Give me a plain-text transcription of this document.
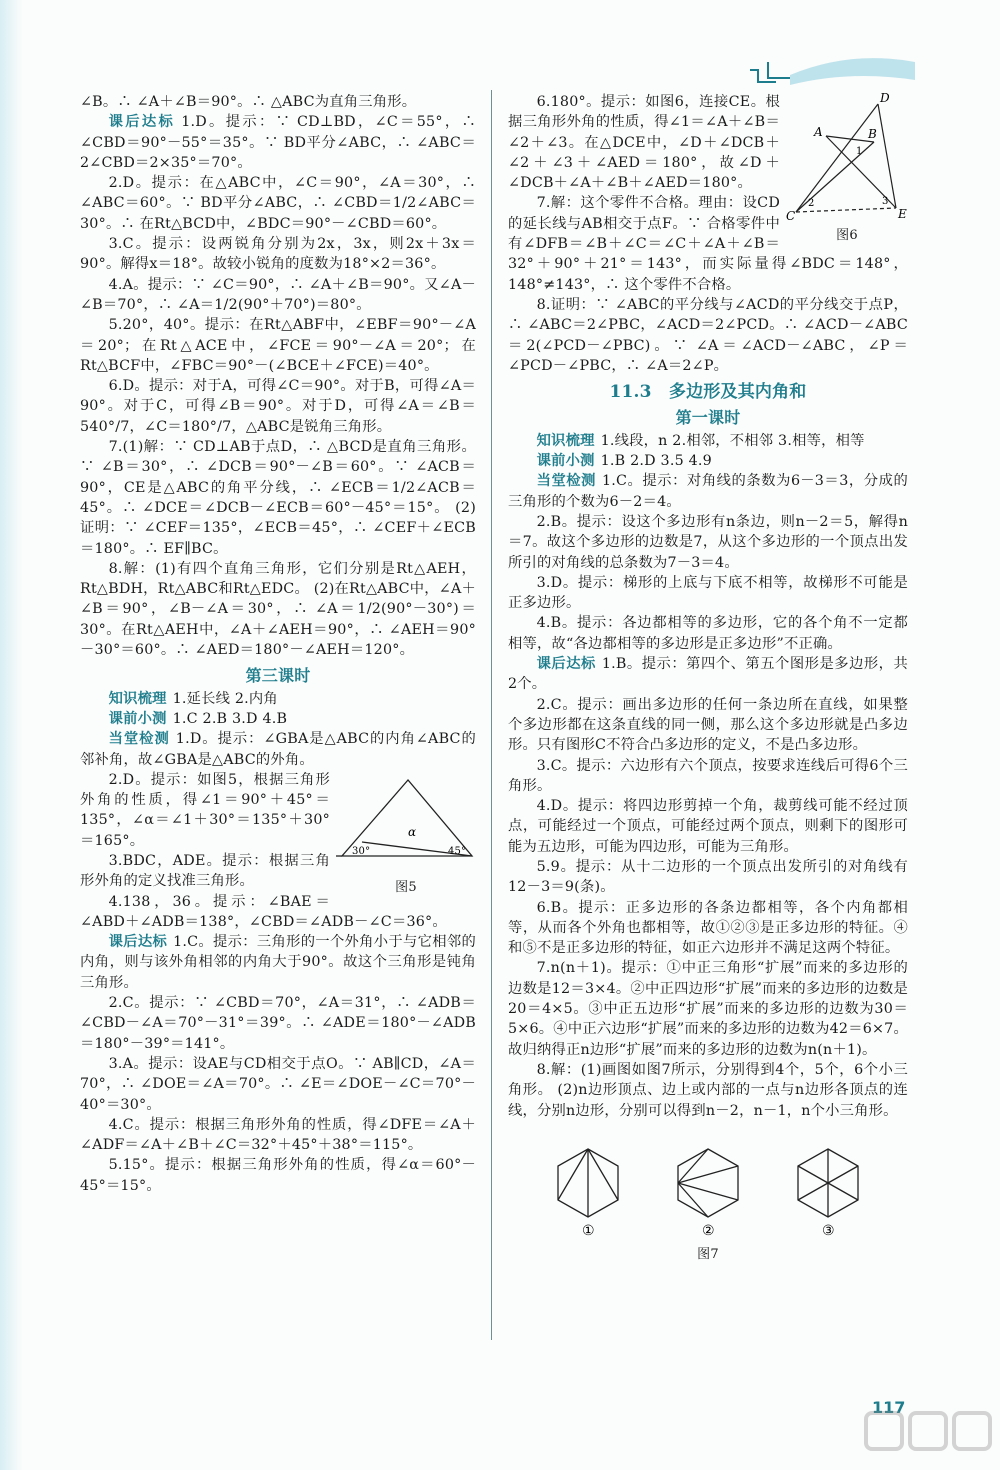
∠B。∴ ∠A＋∠B＝90°。∴ △ABC为直角三角形。

课后达标 1.D。提示：∵ CD⊥BD，∠C＝55°，∴ ∠CBD＝90°－55°＝35°。∵ BD平分∠ABC，∴ ∠ABC＝2∠CBD＝2×35°＝70°。

2.D。提示：在△ABC中，∠C＝90°，∠A＝30°，∴ ∠ABC＝60°。∵ BD平分∠ABC，∴ ∠CBD＝1/2∠ABC＝30°。∴ 在Rt△BCD中，∠BDC＝90°－∠CBD＝60°。

3.C。提示：设两锐角分别为2x，3x，则2x＋3x＝90°。解得x＝18°。故较小锐角的度数为18°×2＝36°。

4.A。提示：∵ ∠C＝90°，∴ ∠A＋∠B＝90°。又∠A－∠B＝70°，∴ ∠A＝1/2(90°＋70°)＝80°。

5.20°，40°。提示：在Rt△ABF中，∠EBF＝90°－∠A＝20°；在Rt△ACE中，∠FCE＝90°－∠A＝20°；在Rt△BCF中，∠FBC＝90°－(∠BCE＋∠FCE)＝40°。

6.D。提示：对于A，可得∠C＝90°。对于B，可得∠A＝90°。对于C，可得∠B＝90°。对于D，可得∠A＝∠B＝540°/7，∠C＝180°/7，△ABC是锐角三角形。

7.(1)解：∵ CD⊥AB于点D，∴ △BCD是直角三角形。∵ ∠B＝30°，∴ ∠DCB＝90°－∠B＝60°。∵ ∠ACB＝90°，CE是△ABC的角平分线，∴ ∠ECB＝1/2∠ACB＝45°。∴ ∠DCE＝∠DCB－∠ECB＝60°－45°＝15°。 (2)证明：∵ ∠CEF＝135°，∠ECB＝45°，∴ ∠CEF＋∠ECB＝180°。∴ EF∥BC。

8.解：(1)有四个直角三角形，它们分别是Rt△AEH，Rt△BDH，Rt△ABC和Rt△EDC。 (2)在Rt△ABC中，∠A＋∠B＝90°，∠B－∠A＝30°，∴ ∠A＝1/2(90°－30°)＝30°。在Rt△AEH中，∠A＋∠AEH＝90°，∴ ∠AEH＝90°－30°＝60°。∴ ∠AED＝180°－∠AEH＝120°。

第三课时

知识梳理 1.延长线 2.内角

课前小测 1.C 2.B 3.D 4.B

当堂检测 1.D。提示：∠GBA是△ABC的内角∠ABC的邻补角，故∠GBA是△ABC的外角。

α
30°	45°
图5

2.D。提示：如图5，根据三角形外角的性质，得∠1＝90°＋45°＝135°，∠α＝∠1＋30°＝135°＋30°＝165°。

3.BDC，ADE。提示：根据三角形外角的定义找准三角形。

4.138，36。提示：∠BAE＝∠ABD＋∠ADB＝138°，∠CBD＝∠ADB－∠C＝36°。

课后达标 1.C。提示：三角形的一个外角小于与它相邻的内角，则与该外角相邻的内角大于90°。故这个三角形是钝角三角形。

2.C。提示：∵ ∠CBD＝70°，∠A＝31°，∴ ∠ADB＝∠CBD－∠A＝70°－31°＝39°。∴ ∠ADE＝180°－∠ADB＝180°－39°＝141°。

3.A。提示：设AE与CD相交于点O。∵ AB∥CD，∠A＝70°，∴ ∠DOE＝∠A＝70°。∴ ∠E＝∠DOE－∠C＝70°－40°＝30°。

4.C。提示：根据三角形外角的性质，得∠DFE＝∠A＋∠ADF＝∠A＋∠B＋∠C＝32°＋45°＋38°＝115°。

5.15°。提示：根据三角形外角的性质，得∠α＝60°－45°＝15°。

D
A	B
C	E
1
2	3
图6

6.180°。提示：如图6，连接CE。根据三角形外角的性质，得∠1＝∠A＋∠B＝∠2＋∠3。在△DCE中，∠D＋∠DCB＋∠2＋∠3＋∠AED＝180°，故∠D＋∠DCB＋∠A＋∠B＋∠AED＝180°。

7.解：这个零件不合格。理由：设CD的延长线与AB相交于点F。∵ 合格零件中有∠DFB＝∠B＋∠C＝∠C＋∠A＋∠B＝32°＋90°＋21°＝143°，而实际量得∠BDC＝148°，148°≠143°，∴ 这个零件不合格。

8.证明：∵ ∠ABC的平分线与∠ACD的平分线交于点P，∴ ∠ABC＝2∠PBC，∠ACD＝2∠PCD。∴ ∠ACD－∠ABC＝2(∠PCD－∠PBC)。∵ ∠A＝∠ACD－∠ABC，∠P＝∠PCD－∠PBC，∴ ∠A＝2∠P。

11.3　多边形及其内角和
第一课时

知识梳理 1.线段，n 2.相邻，不相邻 3.相等，相等

课前小测 1.B 2.D 3.5 4.9

当堂检测 1.C。提示：对角线的条数为6－3＝3，分成的三角形的个数为6－2＝4。

2.B。提示：设这个多边形有n条边，则n－2＝5，解得n＝7。故这个多边形的边数是7，从这个多边形的一个顶点出发所引的对角线的总条数为7－3＝4。

3.D。提示：梯形的上底与下底不相等，故梯形不可能是正多边形。

4.B。提示：各边都相等的多边形，它的各个角不一定都相等，故“各边都相等的多边形是正多边形”不正确。

课后达标 1.B。提示：第四个、第五个图形是多边形，共2个。

2.C。提示：画出多边形的任何一条边所在直线，如果整个多边形都在这条直线的同一侧，那么这个多边形就是凸多边形。只有图形C不符合凸多边形的定义，不是凸多边形。

3.C。提示：六边形有六个顶点，按要求连线后可得6个三角形。

4.D。提示：将四边形剪掉一个角，裁剪线可能不经过顶点，可能经过一个顶点，可能经过两个顶点，则剩下的图形可能为五边形，可能为四边形，可能为三角形。

5.9。提示：从十二边形的一个顶点出发所引的对角线有12－3＝9(条)。

6.B。提示：正多边形的各条边都相等，各个内角都相等，从而各个外角也都相等，故①②③是正多边形的特征。④和⑤不是正多边形的特征，如正六边形并不满足这两个特征。

7.n(n＋1)。提示：①中正三角形“扩展”而来的多边形的边数是12＝3×4。②中正四边形“扩展”而来的多边形的边数是20＝4×5。③中正五边形“扩展”而来的多边形的边数为30＝5×6。④中正六边形“扩展”而来的多边形的边数为42＝6×7。故归纳得正n边形“扩展”而来的多边形的边数为n(n＋1)。

8.解：(1)画图如图7所示，分别得到4个，5个，6个小三角形。 (2)n边形顶点、边上或内部的一点与n边形各顶点的连线，分别n边形，分别可以得到n－2，n－1，n个小三角形。

①	②	③
图7
117
